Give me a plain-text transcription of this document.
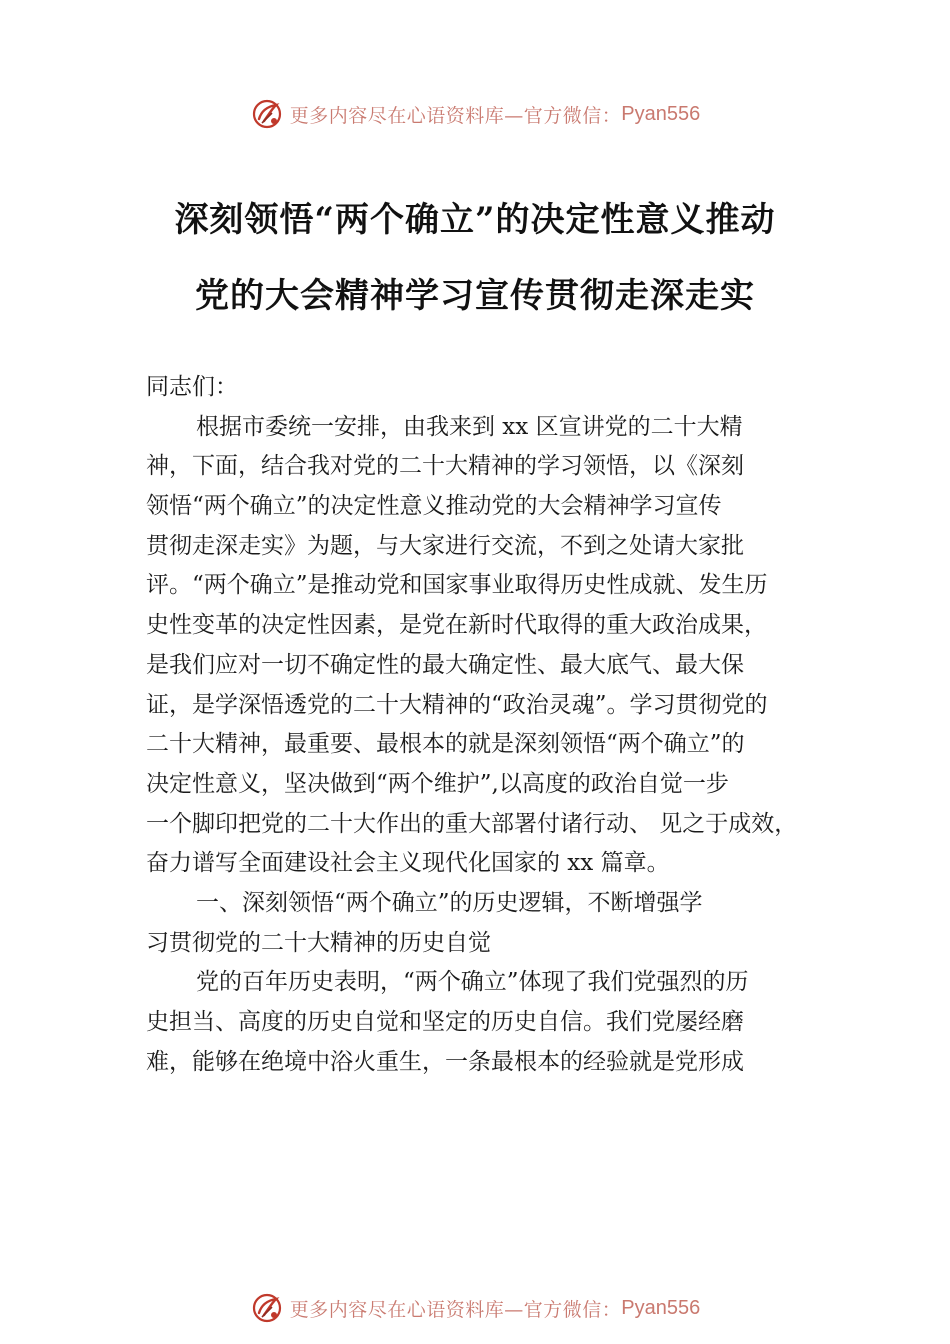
更多内容尽在心语资料库—官方微信： Pyan556
深刻领悟“两个确立”的决定性意义推动
党的大会精神学习宣传贯彻走深走实
同志们：
根据市委统一安排，由我来到 xx 区宣讲党的二十大精
神，下面，结合我对党的二十大精神的学习领悟，以《深刻
领悟“两个确立”的决定性意义推动党的大会精神学习宣传
贯彻走深走实》为题，与大家进行交流，不到之处请大家批
评。“两个确立”是推动党和国家事业取得历史性成就、发生历
史性变革的决定性因素，是党在新时代取得的重大政治成果，
是我们应对一切不确定性的最大确定性、最大底气、最大保
证，是学深悟透党的二十大精神的“政治灵魂”。学习贯彻党的
二十大精神，最重要、最根本的就是深刻领悟“两个确立”的
决定性意义，坚决做到“两个维护”,以高度的政治自觉一步
一个脚印把党的二十大作出的重大部署付诸行动、 见之于成效，
奋力谱写全面建设社会主义现代化国家的 xx 篇章。
一、深刻领悟“两个确立”的历史逻辑，不断增强学
习贯彻党的二十大精神的历史自觉
党的百年历史表明，“两个确立”体现了我们党强烈的历
史担当、高度的历史自觉和坚定的历史自信。我们党屡经磨
难，能够在绝境中浴火重生，一条最根本的经验就是党形成
更多内容尽在心语资料库—官方微信： Pyan556
